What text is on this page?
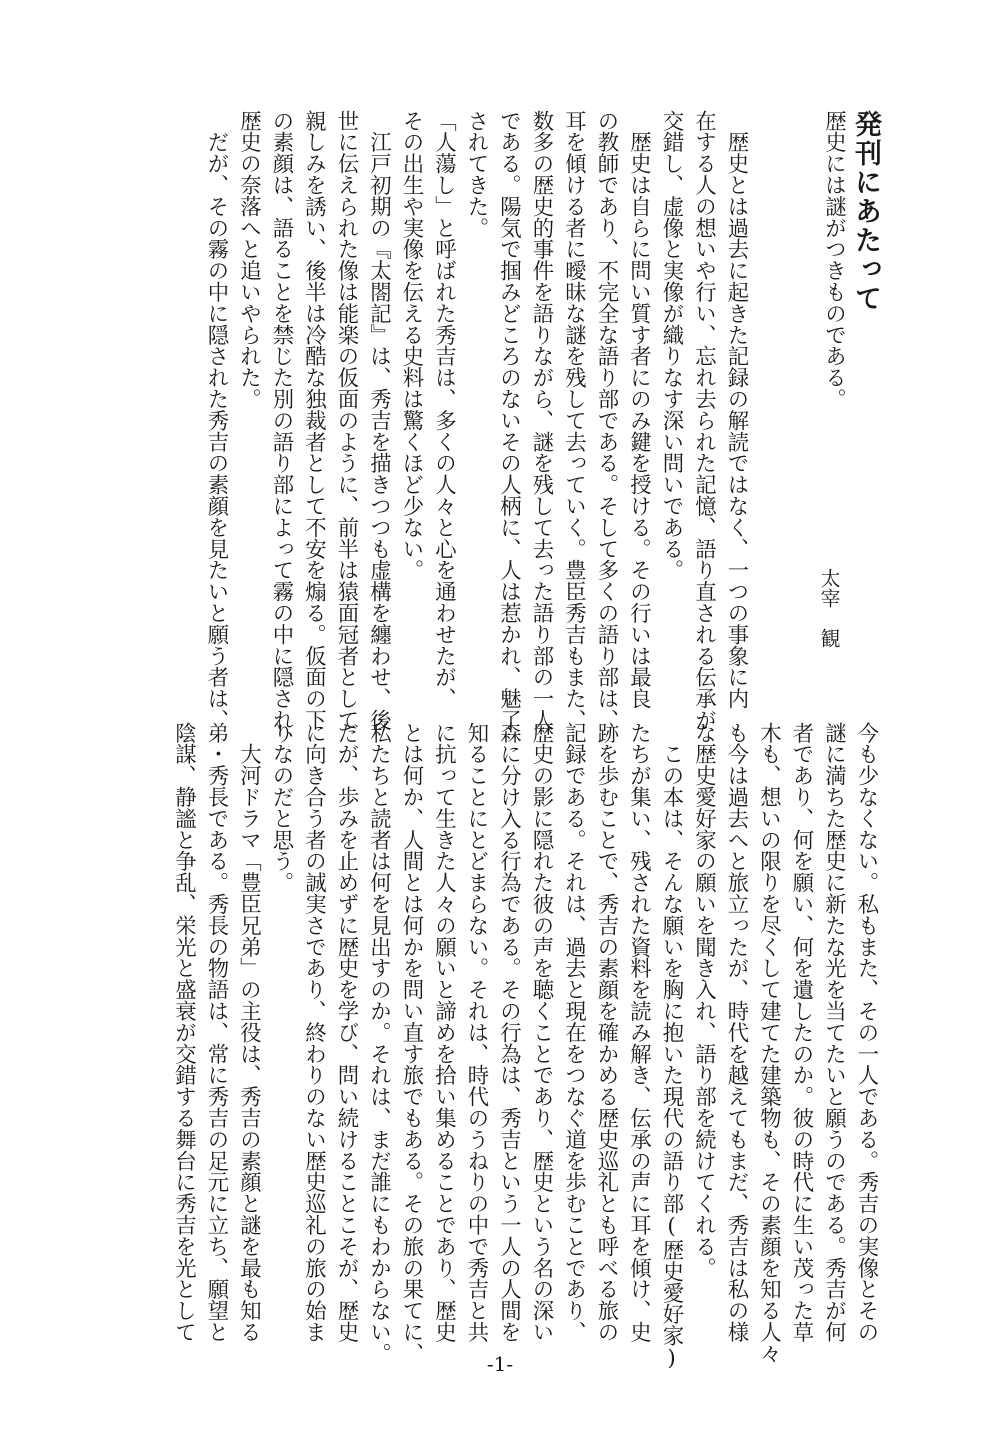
発刊にあたって
太宰　観

歴史には謎がつきものである。

　歴史とは過去に起きた記録の解読ではなく、一つの事象に内
在する人の想いや行い、忘れ去られた記憶、語り直される伝承が
交錯し、虚像と実像が織りなす深い問いである。
　歴史は自らに問い質す者にのみ鍵を授ける。その行いは最良
の教師であり、不完全な語り部である。そして多くの語り部は、
耳を傾ける者に曖昧な謎を残して去っていく。豊臣秀吉もまた、
数多の歴史的事件を語りながら、謎を残して去った語り部の一人
である。陽気で掴みどころのないその人柄に、人は惹かれ、魅了
されてきた。
「人蕩し」と呼ばれた秀吉は、多くの人々と心を通わせたが、
その出生や実像を伝える史料は驚くほど少ない。
　江戸初期の『太閤記』は、秀吉を描きつつも虚構を纏わせ、後
世に伝えられた像は能楽の仮面のように、前半は猿面冠者として
親しみを誘い、後半は冷酷な独裁者として不安を煽る。仮面の下
の素顔は、語ることを禁じた別の語り部によって霧の中に隠され、
歴史の奈落へと追いやられた。
　だが、その霧の中に隠された秀吉の素顔を見たいと願う者は、
今も少なくない。私もまた、その一人である。秀吉の実像とその
謎に満ちた歴史に新たな光を当てたいと願うのである。秀吉が何
者であり、何を願い、何を遺したのか。彼の時代に生い茂った草
木も、想いの限りを尽くして建てた建築物も、その素顔を知る人々
も今は過去へと旅立ったが、時代を越えてもまだ、秀吉は私の様
な歴史愛好家の願いを聞き入れ、語り部を続けてくれる。
　この本は、そんな願いを胸に抱いた現代の語り部(歴史愛好家)
たちが集い、残された資料を読み解き、伝承の声に耳を傾け、史
跡を歩むことで、秀吉の素顔を確かめる歴史巡礼とも呼べる旅の
記録である。それは、過去と現在をつなぐ道を歩むことであり、
歴史の影に隠れた彼の声を聴くことであり、歴史という名の深い
森に分け入る行為である。その行為は、秀吉という一人の人間を
知ることにとどまらない。それは、時代のうねりの中で秀吉と共
に抗って生きた人々の願いと諦めを拾い集めることであり、歴史
とは何か、人間とは何かを問い直す旅でもある。その旅の果てに、
私たちと読者は何を見出すのか。それは、まだ誰にもわからない。
だが、歩みを止めずに歴史を学び、問い続けることこそが、歴史
に向き合う者の誠実さであり、終わりのない歴史巡礼の旅の始ま
りなのだと思う。
　大河ドラマ「豊臣兄弟」の主役は、秀吉の素顔と謎を最も知る
弟・秀長である。秀長の物語は、常に秀吉の足元に立ち、願望と
陰謀、静謐と争乱、栄光と盛衰が交錯する舞台に秀吉を光として
-1-
